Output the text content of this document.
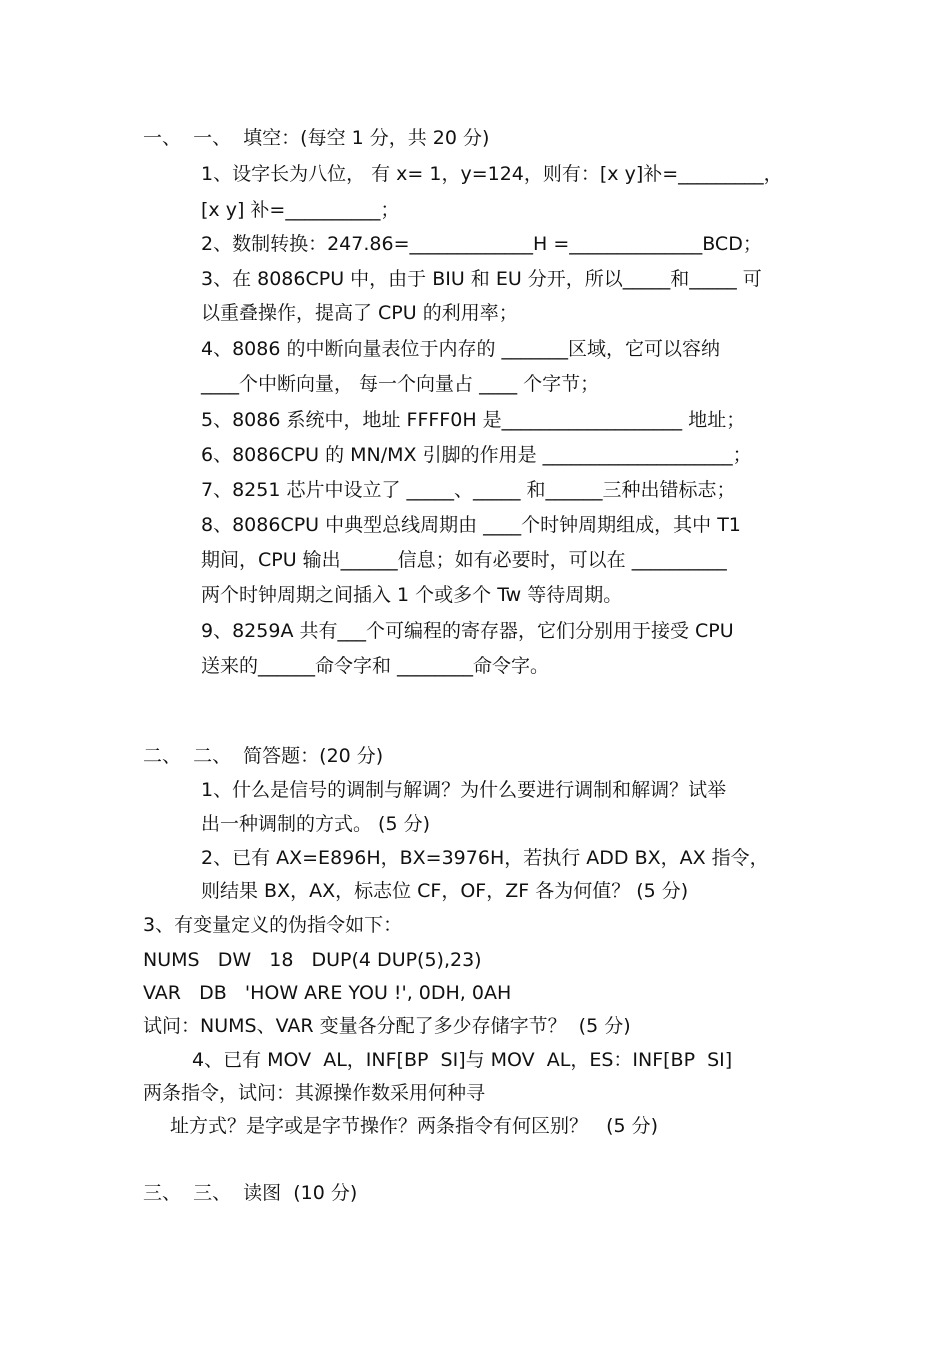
一、  一、  填空：(每空 1 分，共 20 分)
1、设字长为八位， 有 x= 1，y=124，则有：[x y]补=_________，
[x y] 补=__________；
2、数制转换：247.86=_____________H =______________BCD；
3、在 8086CPU 中，由于 BIU 和 EU 分开，所以_____和_____ 可
以重叠操作，提高了 CPU 的利用率；
4、8086 的中断向量表位于内存的 _______区域，它可以容纳
____个中断向量， 每一个向量占 ____ 个字节；
5、8086 系统中，地址 FFFF0H 是___________________ 地址；
6、8086CPU 的 MN/MX 引脚的作用是 ____________________；
7、8251 芯片中设立了 _____、_____ 和______三种出错标志；
8、8086CPU 中典型总线周期由 ____个时钟周期组成，其中 T1
期间，CPU 输出______信息；如有必要时，可以在 __________
两个时钟周期之间插入 1 个或多个 Tw 等待周期。
9、8259A 共有___个可编程的寄存器，它们分别用于接受 CPU
送来的______命令字和 ________命令字。
二、  二、  简答题：(20 分)
1、什么是信号的调制与解调？为什么要进行调制和解调？试举
出一种调制的方式。 (5 分)
2、已有 AX=E896H，BX=3976H，若执行 ADD BX，AX 指令，
则结果 BX，AX，标志位 CF，OF，ZF 各为何值？ (5 分)
3、有变量定义的伪指令如下：
NUMS   DW   18   DUP(4 DUP(5),23)
VAR   DB   'HOW ARE YOU !', 0DH, 0AH
试问：NUMS、VAR 变量各分配了多少存储字节？  (5 分)
4、已有 MOV  AL，INF[BP  SI]与 MOV  AL，ES：INF[BP  SI]
两条指令，试问：其源操作数采用何种寻
址方式？是字或是字节操作？两条指令有何区别？   (5 分)
三、  三、  读图  (10 分)
